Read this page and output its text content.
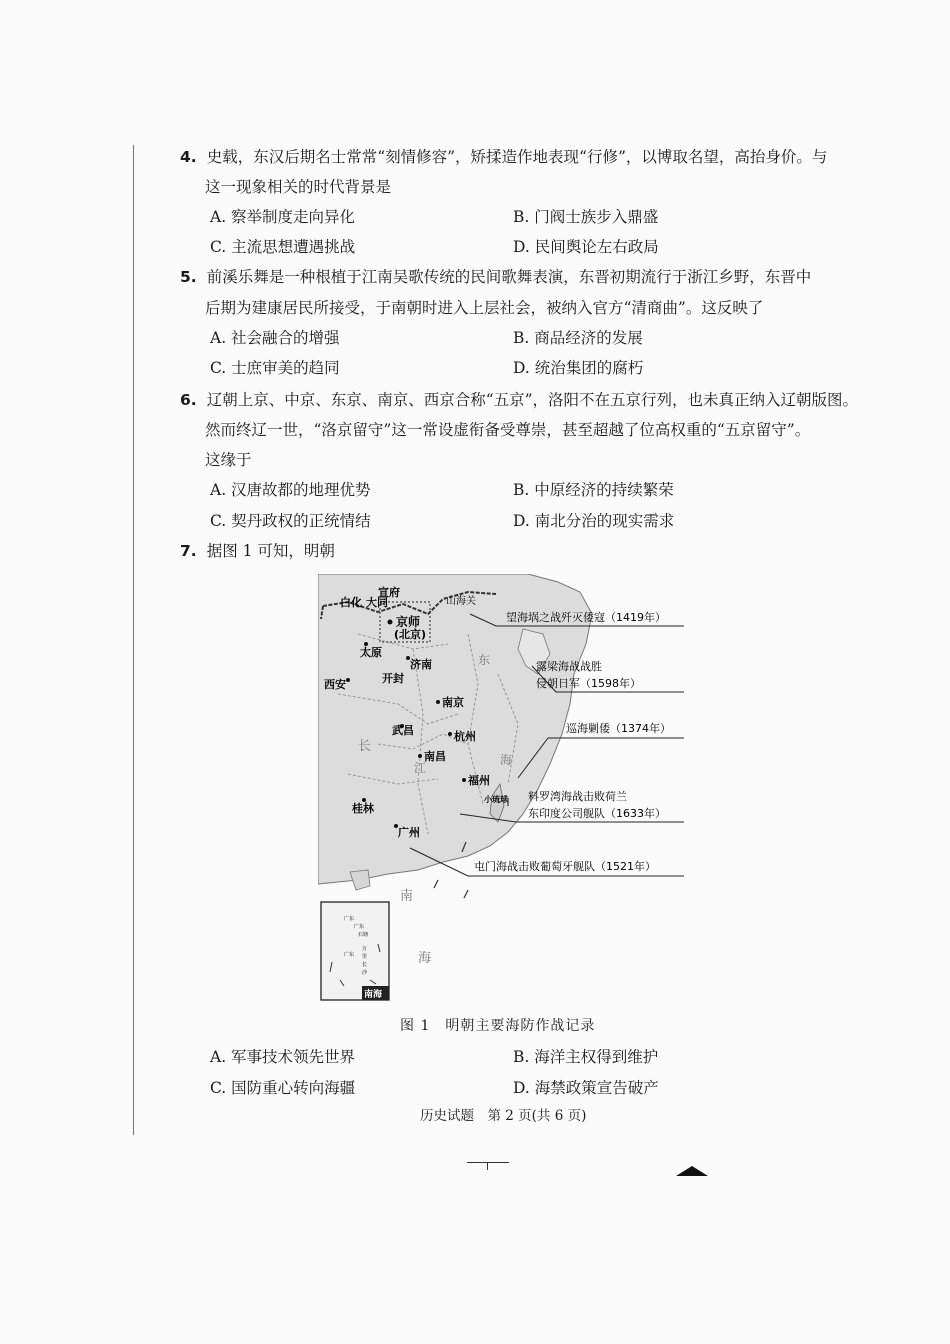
4. 史载，东汉后期名士常常“刻情修容”，矫揉造作地表现“行修”，以博取名望，高抬身价。与
这一现象相关的时代背景是
A. 察举制度走向异化	B. 门阀士族步入鼎盛
C. 主流思想遭遇挑战	D. 民间舆论左右政局
5. 前溪乐舞是一种根植于江南吴歌传统的民间歌舞表演，东晋初期流行于浙江乡野，东晋中
后期为建康居民所接受，于南朝时进入上层社会，被纳入官方“清商曲”。这反映了
A. 社会融合的增强	B. 商品经济的发展
C. 士庶审美的趋同	D. 统治集团的腐朽
6. 辽朝上京、中京、东京、南京、西京合称“五京”，洛阳不在五京行列，也未真正纳入辽朝版图。
然而终辽一世，“洛京留守”这一常设虚衔备受尊崇，甚至超越了位高权重的“五京留守”。
这缘于
A. 汉唐故都的地理优势	B. 中原经济的持续繁荣
C. 契丹政权的正统情结	D. 南北分治的现实需求
7. 据图 1 可知，明朝
宣府
白化 大同	山海关
京师
(北京)
太原
济南
开封
西安
南京
武昌	杭州
南昌
福州
桂林
广州
小琉球
东
海
长
江
南
海
望海埚之战歼灭倭寇（1419年）
露梁海战战胜
侵朝日军（1598年）
巡海剿倭（1374年）
料罗湾海战击败荷兰
东印度公司舰队（1633年）
屯门海战击败葡萄牙舰队（1521年）
南海
广东
广东
石塘
广东
万
里
长
沙
图 1　明朝主要海防作战记录
A. 军事技术领先世界	B. 海洋主权得到维护
C. 国防重心转向海疆	D. 海禁政策宣告破产
历史试题　第 2 页(共 6 页)
